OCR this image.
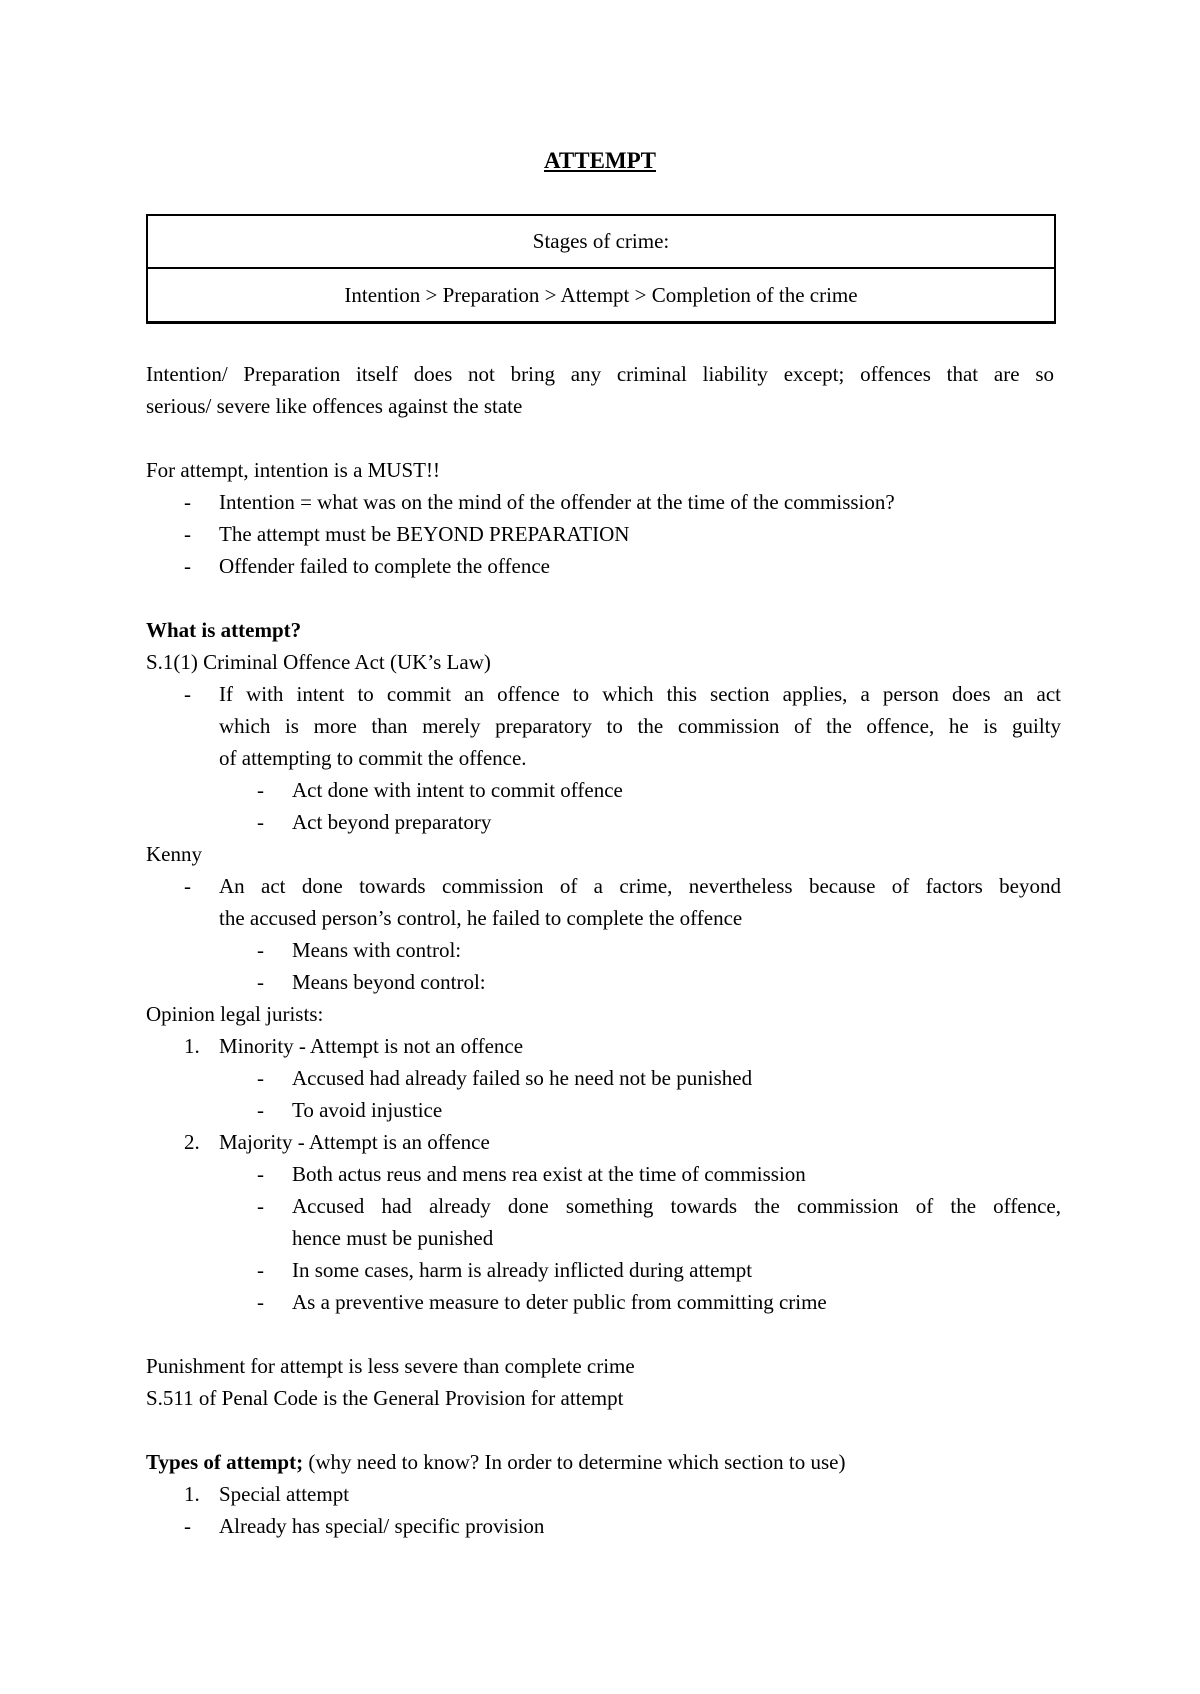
ATTEMPT
Stages of crime:
Intention > Preparation > Attempt > Completion of the crime

Intention/ Preparation itself does not bring any criminal liability except; offences that are so

serious/ severe like offences against the state

For attempt, intention is a MUST!!

- Intention = what was on the mind of the offender at the time of the commission?

- The attempt must be BEYOND PREPARATION

- Offender failed to complete the offence

What is attempt?

S.1(1) Criminal Offence Act (UK’s Law)

- If with intent to commit an offence to which this section applies, a person does an act

which is more than merely preparatory to the commission of the offence, he is guilty

of attempting to commit the offence.

- Act done with intent to commit offence

- Act beyond preparatory

Kenny

- An act done towards commission of a crime, nevertheless because of factors beyond

the accused person’s control, he failed to complete the offence

- Means with control:

- Means beyond control:

Opinion legal jurists:

1. Minority - Attempt is not an offence

- Accused had already failed so he need not be punished

- To avoid injustice

2. Majority - Attempt is an offence

- Both actus reus and mens rea exist at the time of commission

- Accused had already done something towards the commission of the offence,

hence must be punished

- In some cases, harm is already inflicted during attempt

- As a preventive measure to deter public from committing crime

Punishment for attempt is less severe than complete crime

S.511 of Penal Code is the General Provision for attempt

Types of attempt; (why need to know? In order to determine which section to use)

1. Special attempt

- Already has special/ specific provision
